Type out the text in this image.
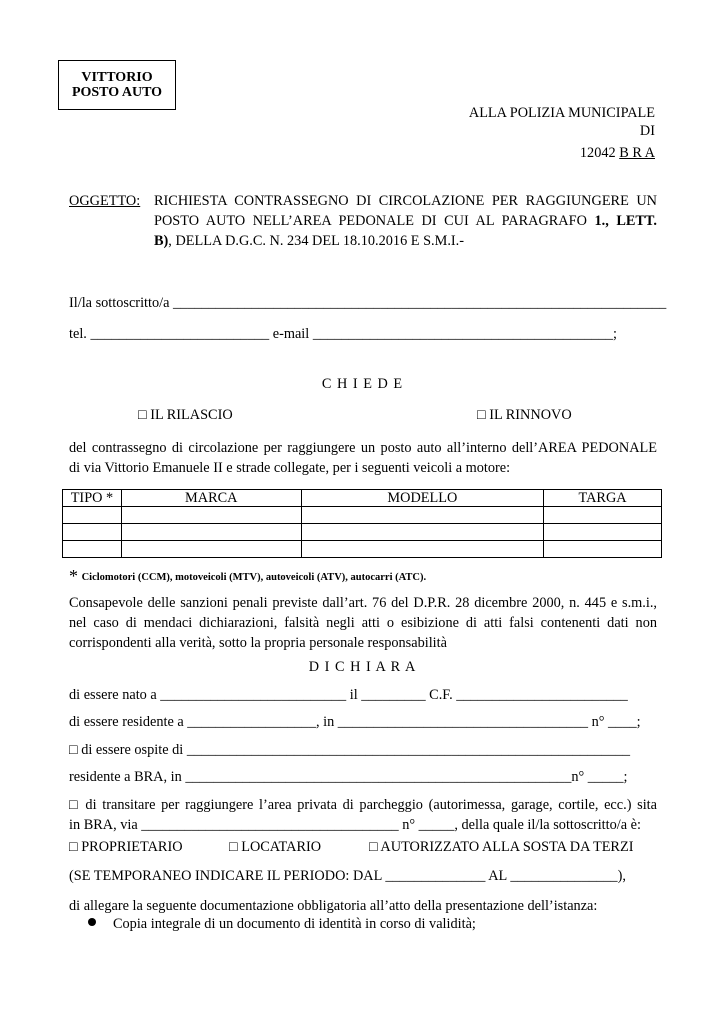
VITTORIO
POSTO AUTO
ALLA POLIZIA MUNICIPALE
DI
12042 B R A
OGGETTO: RICHIESTA CONTRASSEGNO DI CIRCOLAZIONE PER RAGGIUNGERE UN
POSTO AUTO NELL’AREA PEDONALE DI CUI AL PARAGRAFO 1., LETT.
B), DELLA D.G.C. N. 234 DEL 18.10.2016 E S.M.I.-
Il/la sottoscritto/a _____________________________________________________________________
tel. _________________________ e-mail __________________________________________;
C H I E D E
□ IL RILASCIO	□ IL RINNOVO
del contrassegno di circolazione per raggiungere un posto auto all’interno dell’AREA PEDONALE
di via Vittorio Emanuele II e strade collegate, per i seguenti veicoli a motore:
TIPO *	MARCA	MODELLO	TARGA

* Ciclomotori (CCM), motoveicoli (MTV), autoveicoli (ATV), autocarri (ATC).
Consapevole delle sanzioni penali previste dall’art. 76 del D.P.R. 28 dicembre 2000, n. 445 e s.m.i.,
nel caso di mendaci dichiarazioni, falsità negli atti o esibizione di atti falsi contenenti dati non
corrispondenti alla verità, sotto la propria personale responsabilità
D I C H I A R A
di essere nato a __________________________ il _________ C.F. ________________________
di essere residente a __________________, in ___________________________________ n° ____;
□ di essere ospite di ______________________________________________________________
residente a BRA, in ______________________________________________________n° _____;
□ di transitare per raggiungere l’area privata di parcheggio (autorimessa, garage, cortile, ecc.) sita
in BRA, via ____________________________________ n° _____, della quale il/la sottoscritto/a è:
□ PROPRIETARIO	□ LOCATARIO	□ AUTORIZZATO ALLA SOSTA DA TERZI
(SE TEMPORANEO INDICARE IL PERIODO: DAL ______________ AL _______________),
di allegare la seguente documentazione obbligatoria all’atto della presentazione dell’istanza:
Copia integrale di un documento di identità in corso di validità;
